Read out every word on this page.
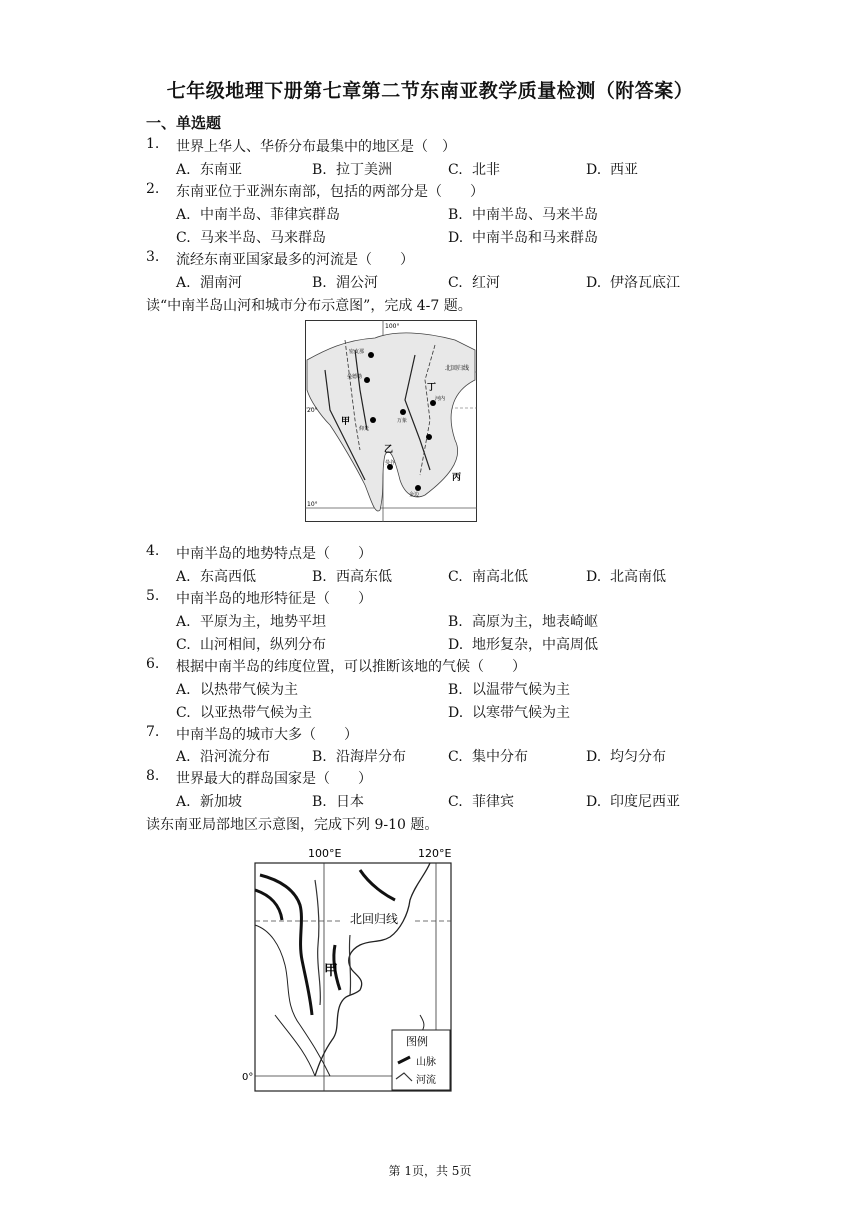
七年级地理下册第七章第二节东南亚教学质量检测（附答案）
一、单选题
1. 世界上华人、华侨分布最集中的地区是（　）
A. 东南亚	B. 拉丁美洲	C. 北非	D. 西亚
2. 东南亚位于亚洲东南部，包括的两部分是（　　）
A. 中南半岛、菲律宾群岛	B. 中南半岛、马来半岛
C. 马来半岛、马来群岛	D. 中南半岛和马来群岛
3. 流经东南亚国家最多的河流是（　　）
A. 湄南河	B. 湄公河	C. 红河	D. 伊洛瓦底江
读“中南半岛山河和城市分布示意图”，完成 4-7 题。
100°
20°
10°
北回归线
甲
乙
丙
丁
密支那
曼德勒
仰光
万象
曼谷
金边
河内
4. 中南半岛的地势特点是（　　）
A. 东高西低	B. 西高东低	C. 南高北低	D. 北高南低
5. 中南半岛的地形特征是（　　）
A. 平原为主，地势平坦	B. 高原为主，地表崎岖
C. 山河相间，纵列分布	D. 地形复杂，中高周低
6. 根据中南半岛的纬度位置，可以推断该地的气候（　　）
A. 以热带气候为主	B. 以温带气候为主
C. 以亚热带气候为主	D. 以寒带气候为主
7. 中南半岛的城市大多（　　）
A. 沿河流分布	B. 沿海岸分布	C. 集中分布	D. 均匀分布
8. 世界最大的群岛国家是（　　）
A. 新加坡	B. 日本	C. 菲律宾	D. 印度尼西亚
读东南亚局部地区示意图，完成下列 9-10 题。
100°E	120°E
北回归线
0°
甲
图例
山脉
河流
第 1页，共 5页
